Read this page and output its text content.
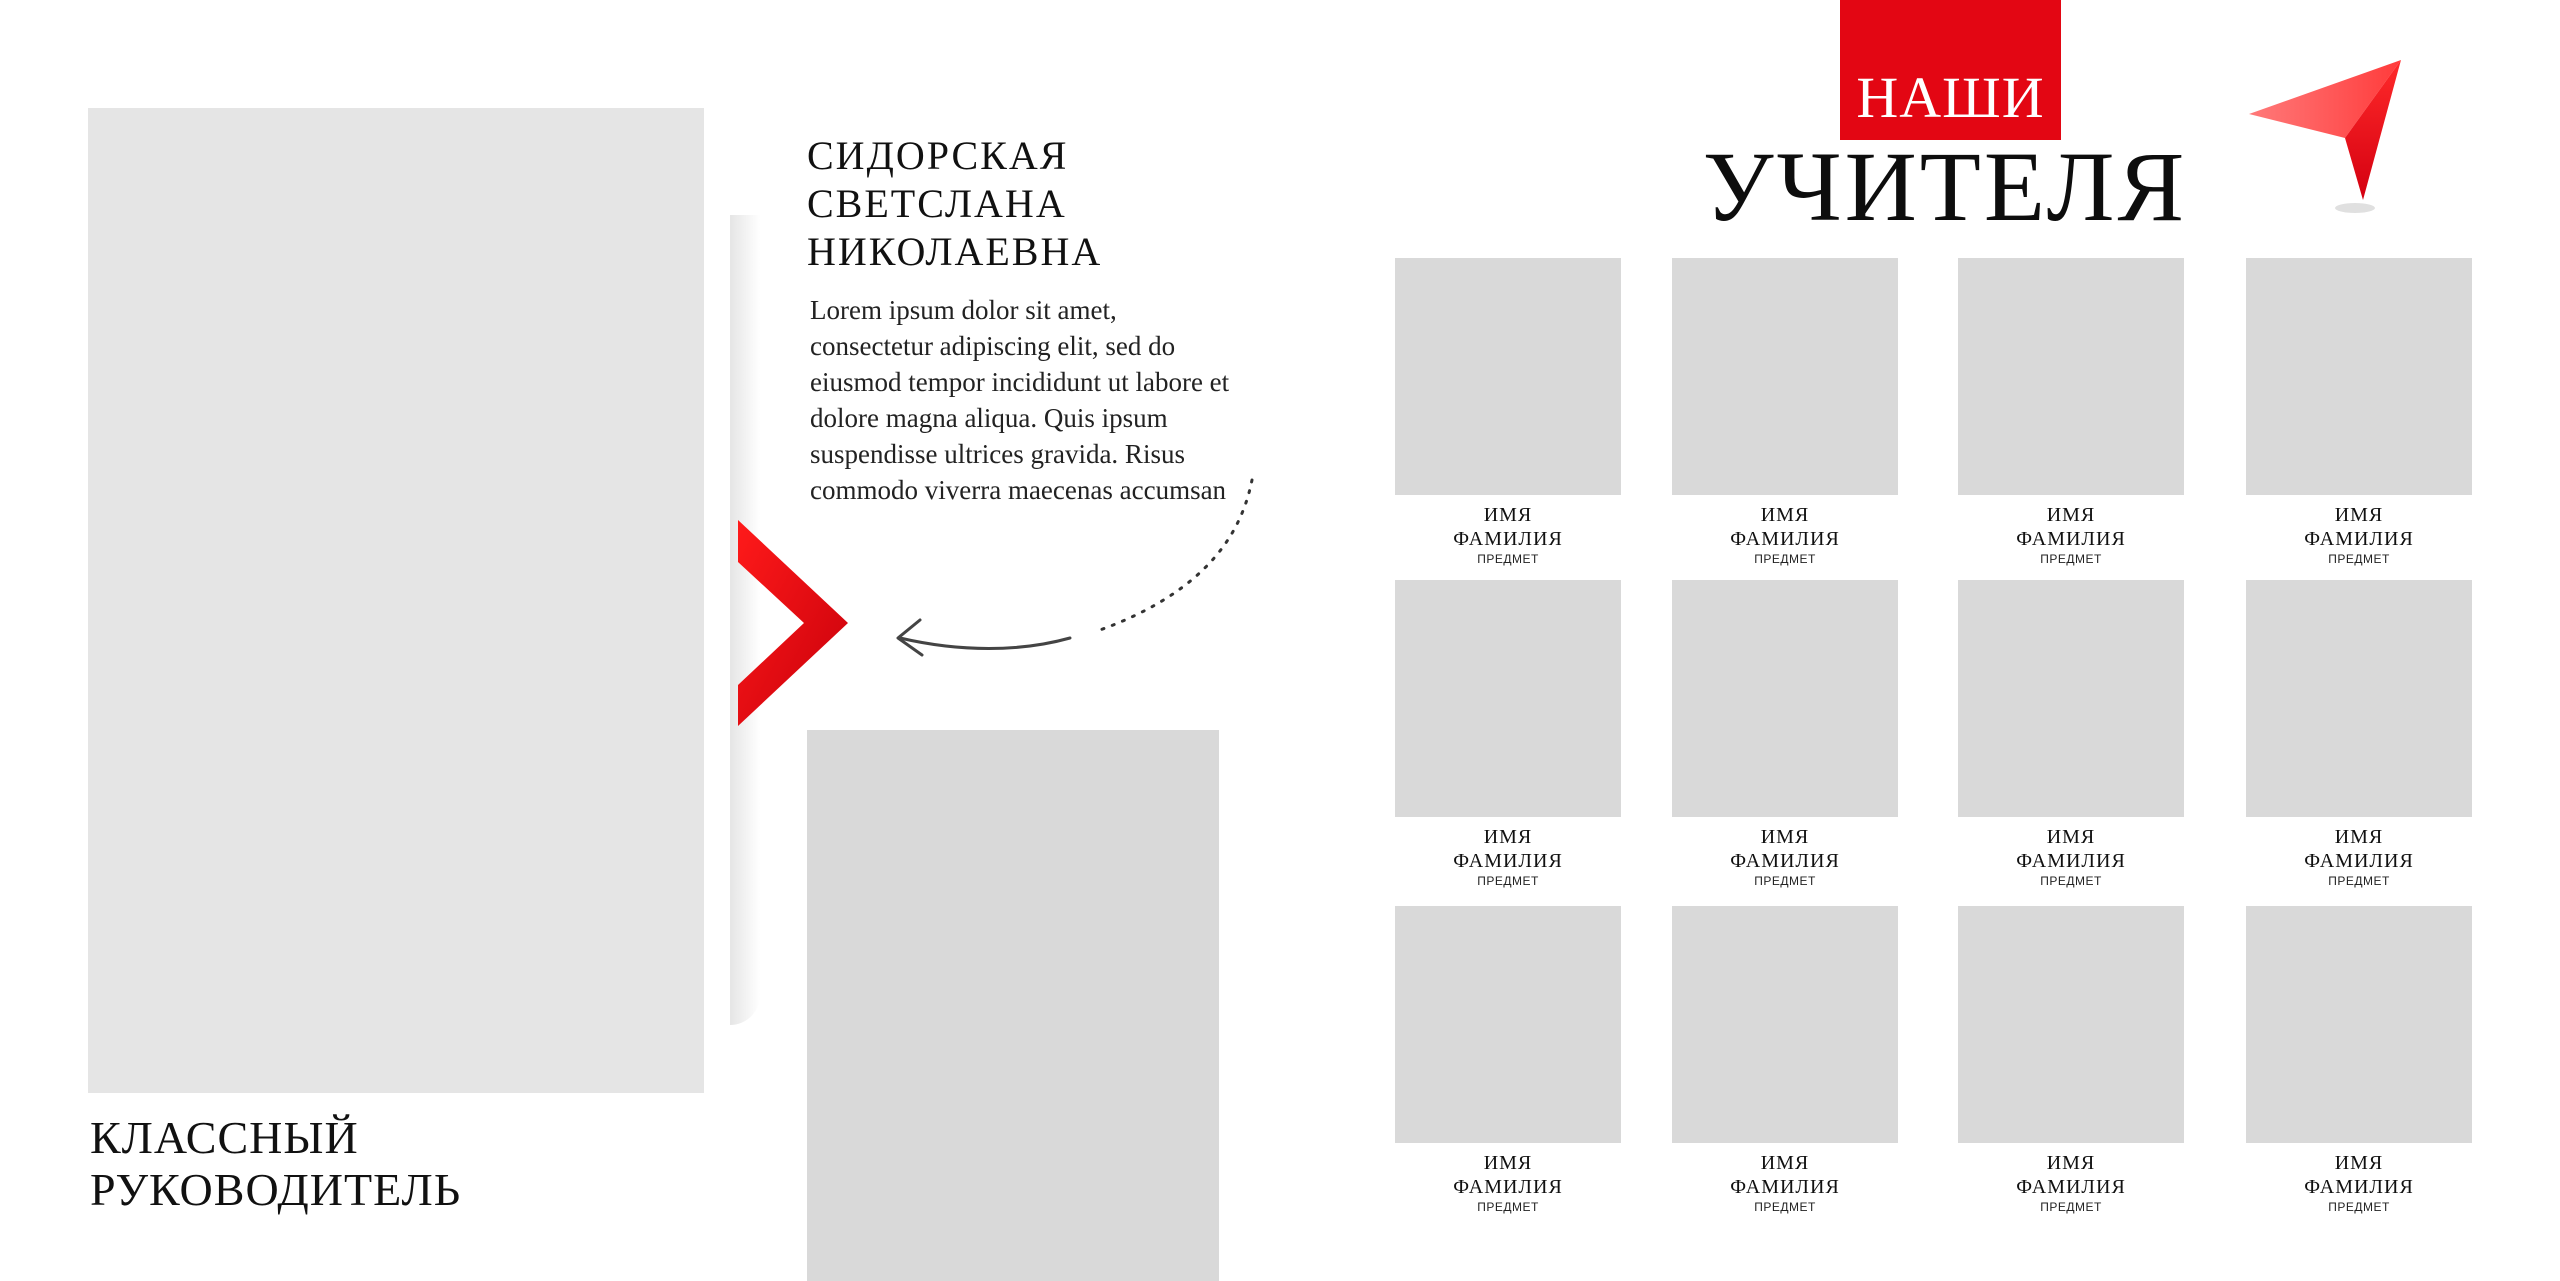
КЛАССНЫЙ
РУКОВОДИТЕЛЬ
СИДОРСКАЯ
СВЕТСЛАНА
НИКОЛАЕВНА
Lorem ipsum dolor sit amet, consectetur adipiscing elit, sed do eiusmod tempor incididunt ut labore et dolore magna aliqua. Quis ipsum suspendisse ultrices gravida. Risus commodo viverra maecenas accumsan
НАШИ
УЧИТЕЛЯ
ИМЯ
ФАМИЛИЯ
ПРЕДМЕТ
ИМЯ
ФАМИЛИЯ
ПРЕДМЕТ
ИМЯ
ФАМИЛИЯ
ПРЕДМЕТ
ИМЯ
ФАМИЛИЯ
ПРЕДМЕТ
ИМЯ
ФАМИЛИЯ
ПРЕДМЕТ
ИМЯ
ФАМИЛИЯ
ПРЕДМЕТ
ИМЯ
ФАМИЛИЯ
ПРЕДМЕТ
ИМЯ
ФАМИЛИЯ
ПРЕДМЕТ
ИМЯ
ФАМИЛИЯ
ПРЕДМЕТ
ИМЯ
ФАМИЛИЯ
ПРЕДМЕТ
ИМЯ
ФАМИЛИЯ
ПРЕДМЕТ
ИМЯ
ФАМИЛИЯ
ПРЕДМЕТ
